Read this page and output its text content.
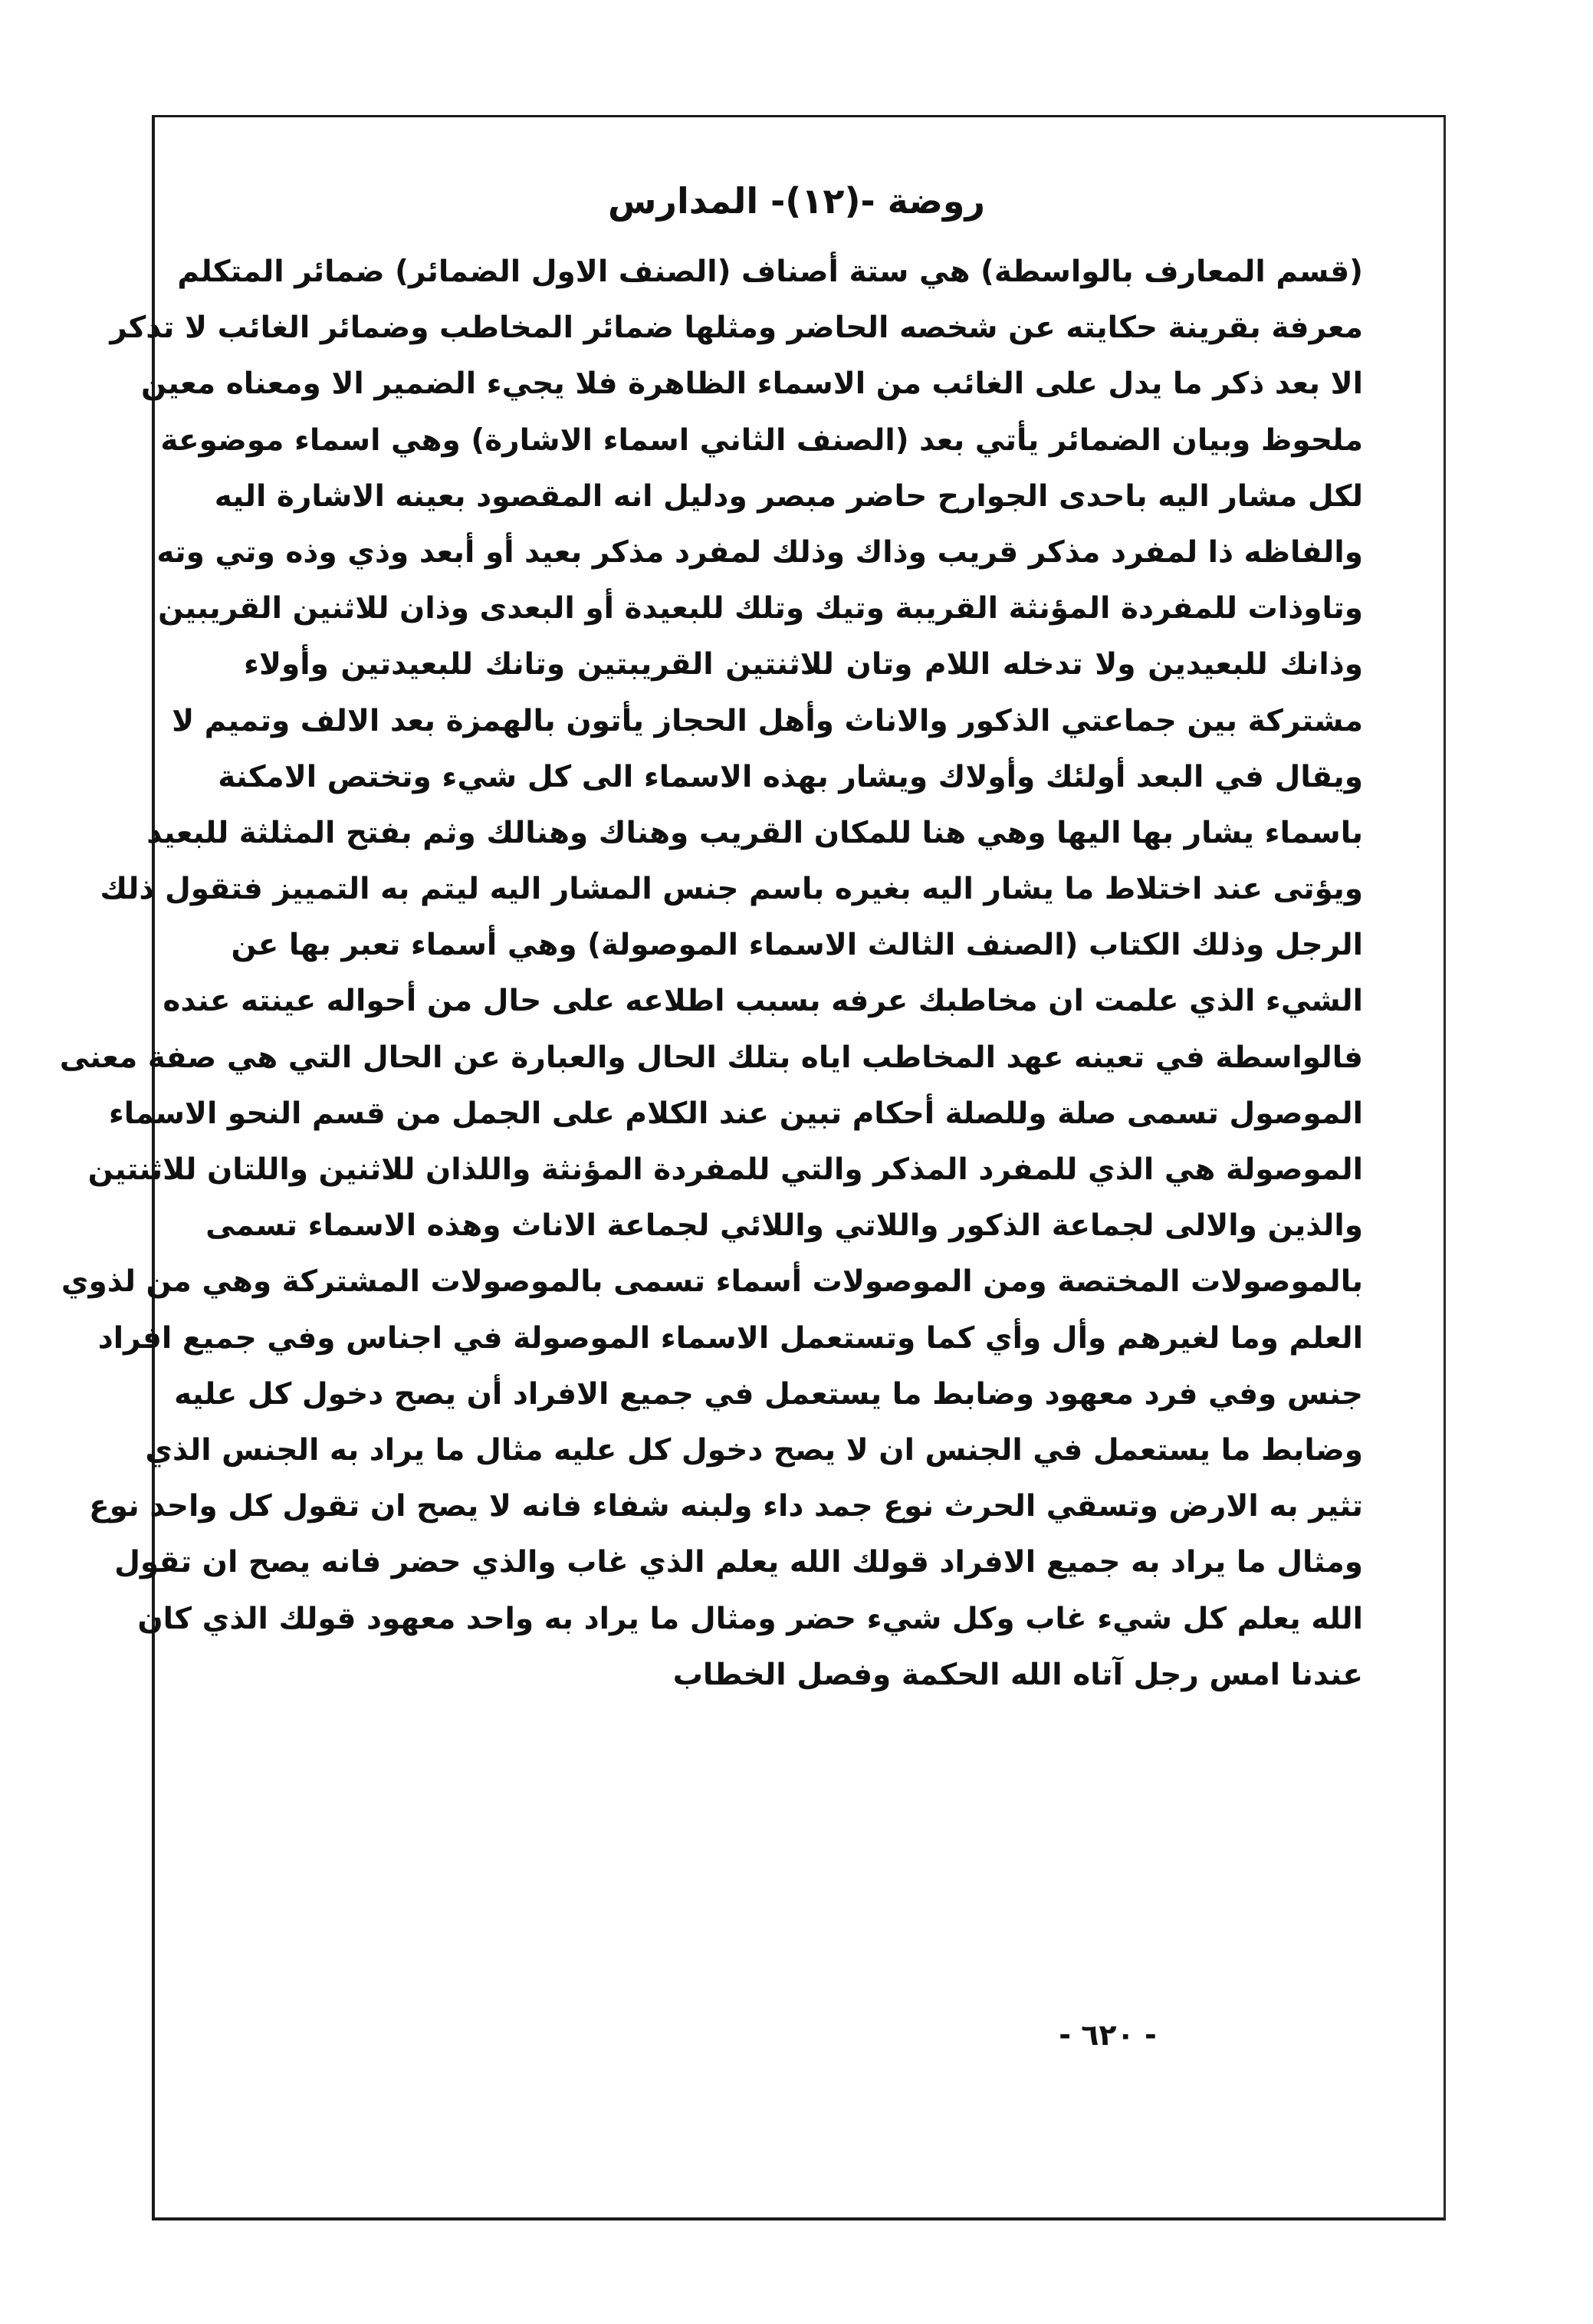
روضة -(١٢)- المدارس
(قسم المعارف بالواسطة) هي ستة أصناف (الصنف الاول الضمائر) ضمائر المتكلم
معرفة بقرينة حكايته عن شخصه الحاضر ومثلها ضمائر المخاطب وضمائر الغائب لا تذكر
الا بعد ذكر ما يدل على الغائب من الاسماء الظاهرة فلا يجيء الضمير الا ومعناه معين
ملحوظ وبيان الضمائر يأتي بعد (الصنف الثاني اسماء الاشارة) وهي اسماء موضوعة
لكل مشار اليه باحدى الجوارح حاضر مبصر ودليل انه المقصود بعينه الاشارة اليه
والفاظه ذا لمفرد مذكر قريب وذاك وذلك لمفرد مذكر بعيد أو أبعد وذي وذه وتي وته
وتاوذات للمفردة المؤنثة القريبة وتيك وتلك للبعيدة أو البعدى وذان للاثنين القريبين
وذانك للبعيدين ولا تدخله اللام وتان للاثنتين القريبتين وتانك للبعيدتين وأولاء
مشتركة بين جماعتي الذكور والاناث وأهل الحجاز يأتون بالهمزة بعد الالف وتميم لا
ويقال في البعد أولئك وأولاك ويشار بهذه الاسماء الى كل شيء وتختص الامكنة
باسماء يشار بها اليها وهي هنا للمكان القريب وهناك وهنالك وثم بفتح المثلثة للبعيد
ويؤتى عند اختلاط ما يشار اليه بغيره باسم جنس المشار اليه ليتم به التمييز فتقول ذلك
الرجل وذلك الكتاب (الصنف الثالث الاسماء الموصولة) وهي أسماء تعبر بها عن
الشيء الذي علمت ان مخاطبك عرفه بسبب اطلاعه على حال من أحواله عينته عنده
فالواسطة في تعينه عهد المخاطب اياه بتلك الحال والعبارة عن الحال التي هي صفة معنى
الموصول تسمى صلة وللصلة أحكام تبين عند الكلام على الجمل من قسم النحو الاسماء
الموصولة هي الذي للمفرد المذكر والتي للمفردة المؤنثة واللذان للاثنين واللتان للاثنتين
والذين والالى لجماعة الذكور واللاتي واللائي لجماعة الاناث وهذه الاسماء تسمى
بالموصولات المختصة ومن الموصولات أسماء تسمى بالموصولات المشتركة وهي من لذوي
العلم وما لغيرهم وأل وأي كما وتستعمل الاسماء الموصولة في اجناس وفي جميع افراد
جنس وفي فرد معهود وضابط ما يستعمل في جميع الافراد أن يصح دخول كل عليه
وضابط ما يستعمل في الجنس ان لا يصح دخول كل عليه مثال ما يراد به الجنس الذي
تثير به الارض وتسقي الحرث نوع جمد داء ولبنه شفاء فانه لا يصح ان تقول كل واحد نوع
ومثال ما يراد به جميع الافراد قولك الله يعلم الذي غاب والذي حضر فانه يصح ان تقول
الله يعلم كل شيء غاب وكل شيء حضر ومثال ما يراد به واحد معهود قولك الذي كان
عندنا امس رجل آتاه الله الحكمة وفصل الخطاب
- ٦٢٠ -
